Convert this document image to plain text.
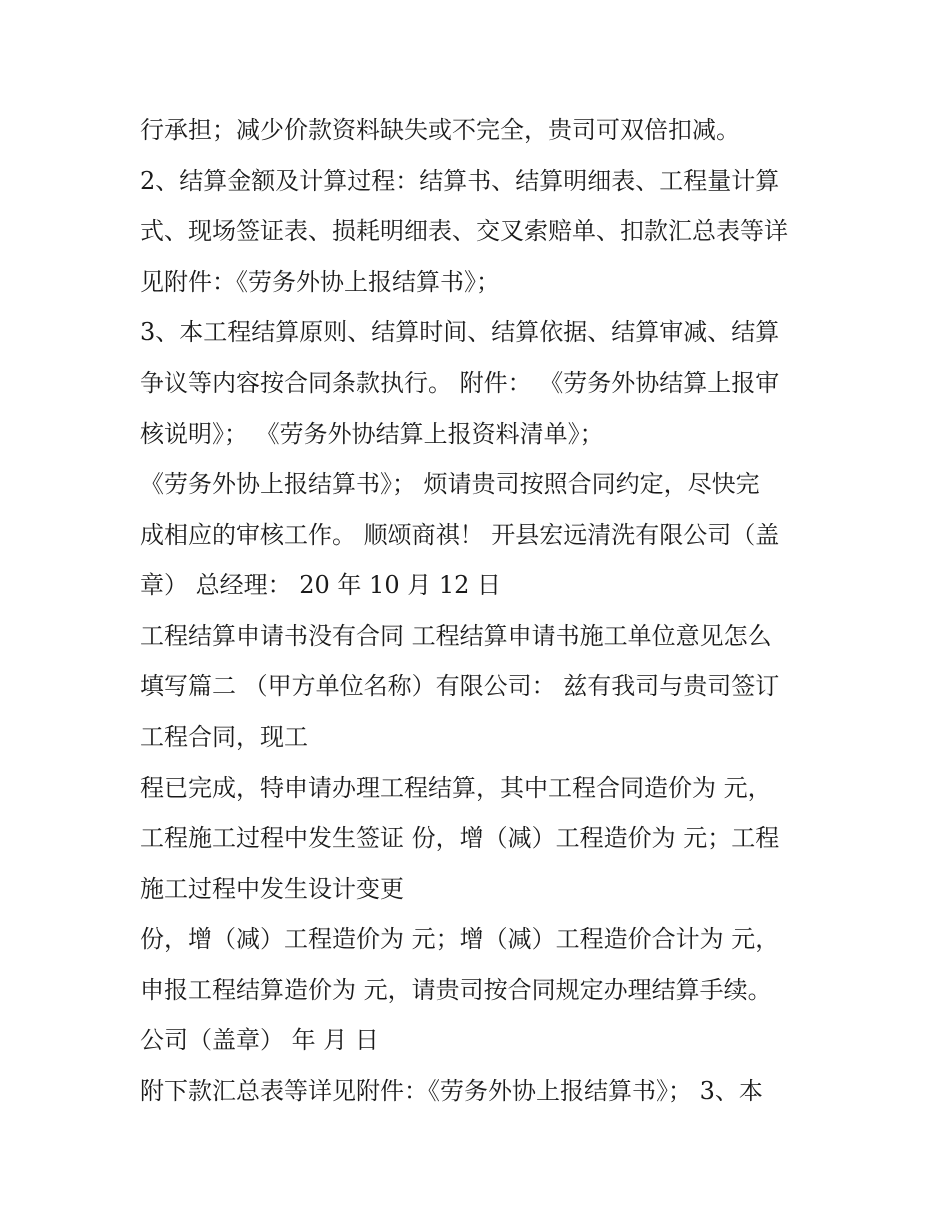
行承担；减少价款资料缺失或不完全，贵司可双倍扣减。
2、结算金额及计算过程：结算书、结算明细表、工程量计算
式、现场签证表、损耗明细表、交叉索赔单、扣款汇总表等详
见附件：《劳务外协上报结算书》；
3、本工程结算原则、结算时间、结算依据、结算审减、结算
争议等内容按合同条款执行。 附件： 《劳务外协结算上报审
核说明》； 《劳务外协结算上报资料清单》；
《劳务外协上报结算书》； 烦请贵司按照合同约定，尽快完
成相应的审核工作。 顺颂商祺！ 开县宏远清洗有限公司（盖
章） 总经理： 20 年 10 月 12 日
工程结算申请书没有合同 工程结算申请书施工单位意见怎么
填写篇二 （甲方单位名称）有限公司： 兹有我司与贵司签订
工程合同，现工
程已完成，特申请办理工程结算，其中工程合同造价为 元，
工程施工过程中发生签证 份，增（减）工程造价为 元；工程
施工过程中发生设计变更
份，增（减）工程造价为 元；增（减）工程造价合计为 元，
申报工程结算造价为 元，请贵司按合同规定办理结算手续。
公司（盖章） 年 月 日
附下款汇总表等详见附件：《劳务外协上报结算书》； 3、本
